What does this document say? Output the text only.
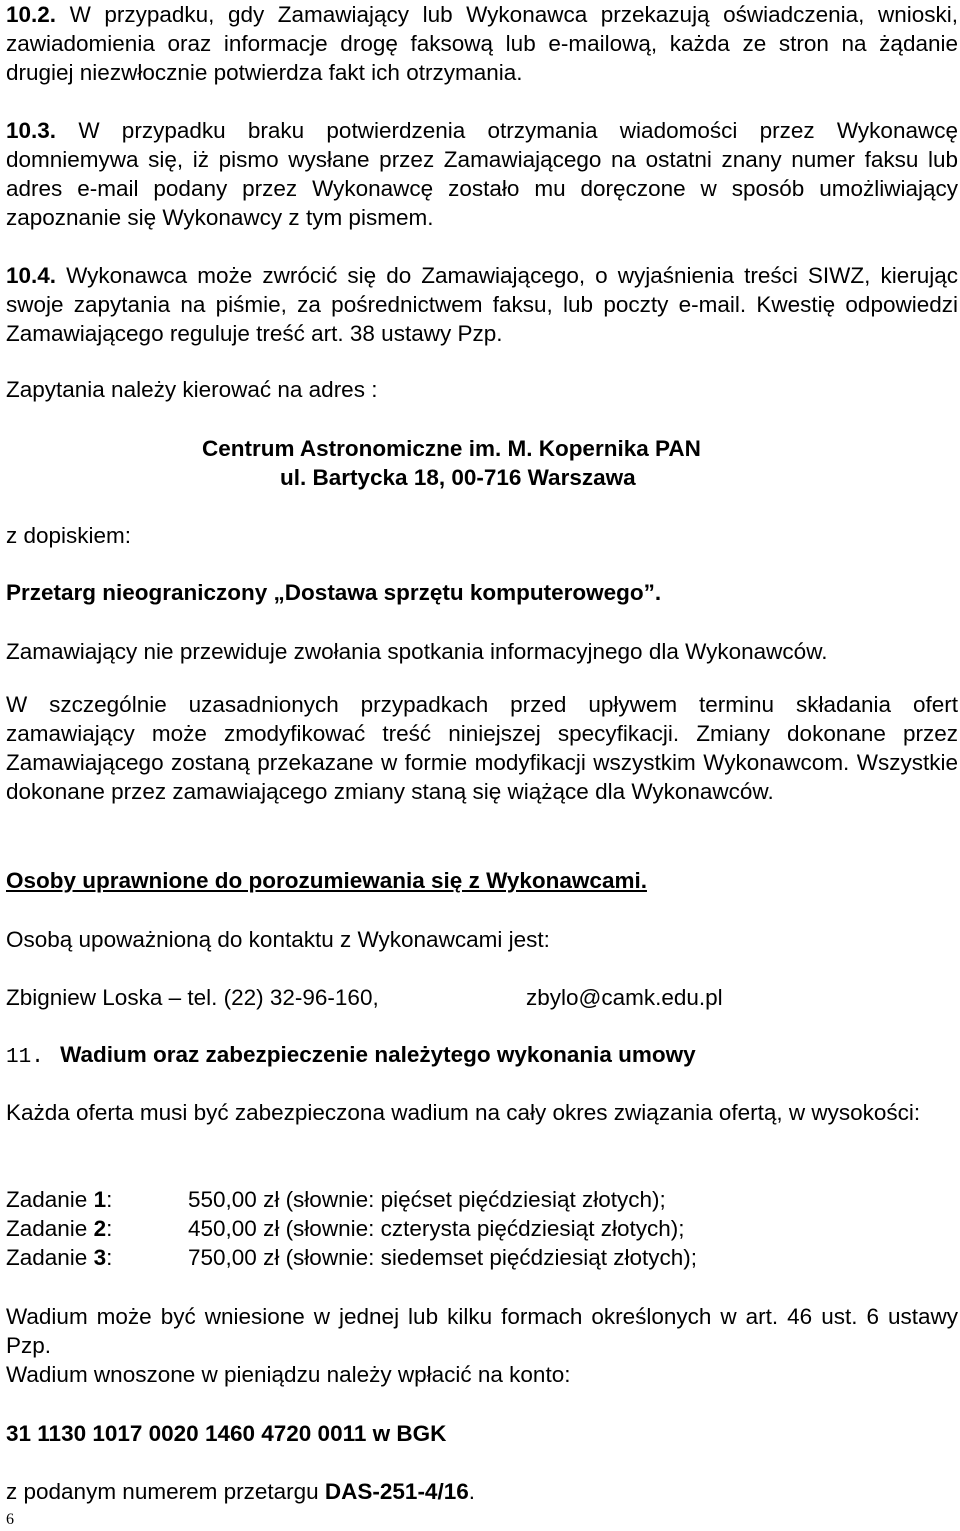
10.2. W przypadku, gdy Zamawiający lub Wykonawca przekazują oświadczenia, wnioski, zawiadomienia oraz informacje drogę faksową lub e-mailową, każda ze stron na żądanie drugiej niezwłocznie potwierdza fakt ich otrzymania.

10.3. W przypadku braku potwierdzenia otrzymania wiadomości przez Wykonawcę domniemywa się, iż pismo wysłane przez Zamawiającego na ostatni znany numer faksu lub adres e-mail podany przez Wykonawcę zostało mu doręczone w sposób umożliwiający zapoznanie się Wykonawcy z tym pismem.

10.4. Wykonawca może zwrócić się do Zamawiającego, o wyjaśnienia treści SIWZ, kierując swoje zapytania na piśmie, za pośrednictwem faksu, lub poczty e-mail. Kwestię odpowiedzi Zamawiającego reguluje treść art. 38 ustawy Pzp.

Zapytania należy kierować na adres :
Centrum Astronomiczne im. M. Kopernika PAN
ul. Bartycka 18, 00-716 Warszawa
z dopiskiem:
Przetarg nieograniczony „Dostawa sprzętu komputerowego”.
Zamawiający nie przewiduje zwołania spotkania informacyjnego dla Wykonawców.

W szczególnie uzasadnionych przypadkach przed upływem terminu składania ofert zamawiający może zmodyfikować treść niniejszej specyfikacji. Zmiany dokonane przez Zamawiającego zostaną przekazane w formie modyfikacji wszystkim Wykonawcom. Wszystkie dokonane przez zamawiającego zmiany staną się wiążące dla Wykonawców.

Osoby uprawnione do porozumiewania się z Wykonawcami.
Osobą upoważnioną do kontaktu z Wykonawcami jest:
Zbigniew Loska – tel. (22) 32-96-160,	zbylo@camk.edu.pl
11. Wadium oraz zabezpieczenie należytego wykonania umowy

Każda oferta musi być zabezpieczona wadium na cały okres związania ofertą, w wysokości:

Zadanie 1:	550,00 zł (słownie: pięćset pięćdziesiąt złotych);
Zadanie 2:	450,00 zł (słownie: czterysta pięćdziesiąt złotych);
Zadanie 3:	750,00 zł (słownie: siedemset pięćdziesiąt złotych);

Wadium może być wniesione w jednej lub kilku formach określonych w art. 46 ust. 6 ustawy Pzp.

Wadium wnoszone w pieniądzu należy wpłacić na konto:
31 1130 1017 0020 1460 4720 0011 w BGK
z podanym numerem przetargu DAS-251-4/16.
6
